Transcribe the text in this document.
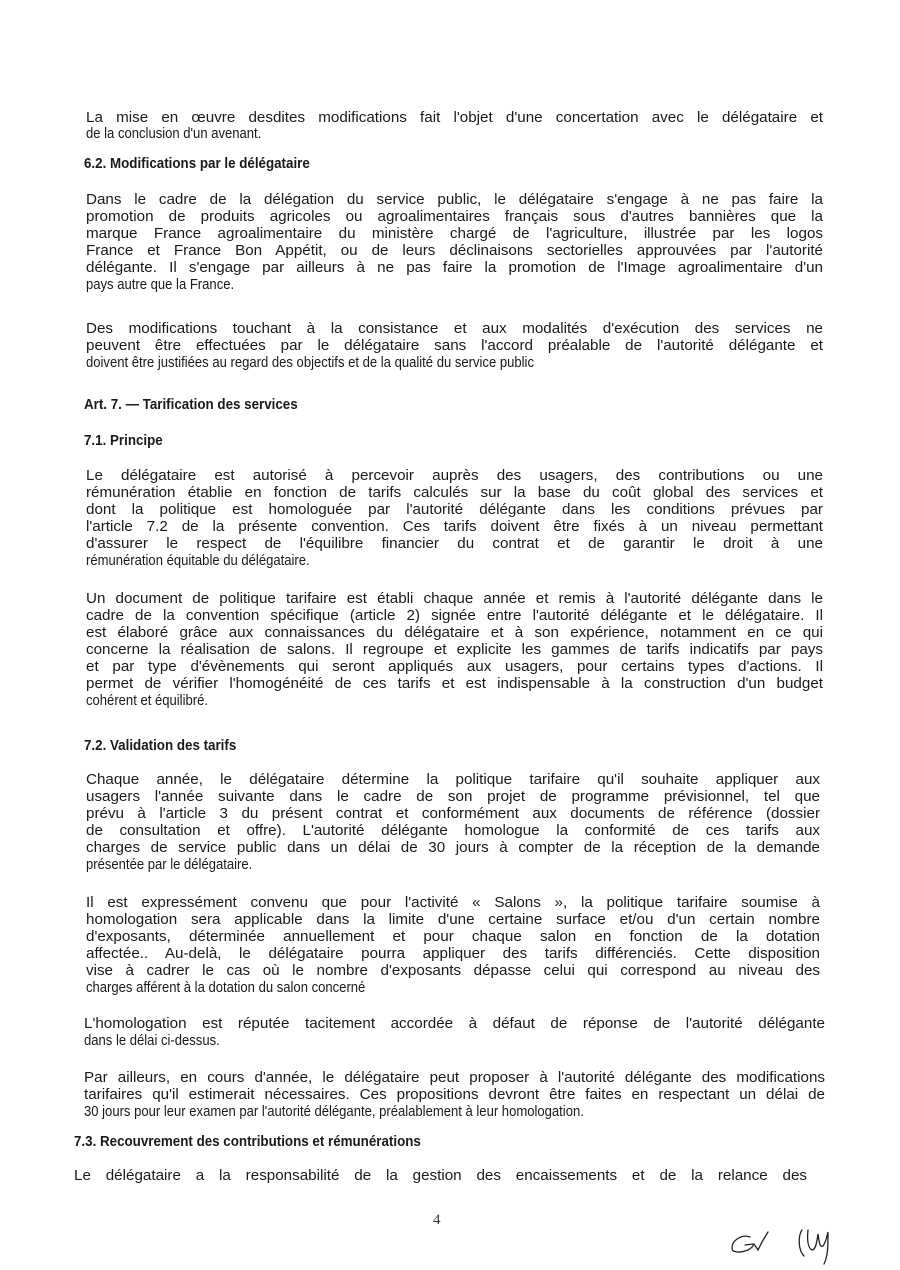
La mise en œuvre desdites modifications fait l'objet d'une concertation avec le délégataire et
de la conclusion d'un avenant.
6.2. Modifications par le délégataire
Dans le cadre de la délégation du service public, le délégataire s'engage à ne pas faire la
promotion de produits agricoles ou agroalimentaires français sous d'autres bannières que la
marque France agroalimentaire du ministère chargé de l'agriculture, illustrée par les logos
France et France Bon Appétit, ou de leurs déclinaisons sectorielles approuvées par l'autorité
délégante. Il s'engage par ailleurs à ne pas faire la promotion de l'Image agroalimentaire d'un
pays autre que la France.
Des modifications touchant à la consistance et aux modalités d'exécution des services ne
peuvent être effectuées par le délégataire sans l'accord préalable de l'autorité délégante et
doivent être justifiées au regard des objectifs et de la qualité du service public
Art. 7. — Tarification des services
7.1. Principe
Le délégataire est autorisé à percevoir auprès des usagers, des contributions ou une
rémunération établie en fonction de tarifs calculés sur la base du coût global des services et
dont la politique est homologuée par l'autorité délégante dans les conditions prévues par
l'article 7.2 de la présente convention. Ces tarifs doivent être fixés à un niveau permettant
d'assurer le respect de l'équilibre financier du contrat et de garantir le droit à une
rémunération équitable du délégataire.
Un document de politique tarifaire est établi chaque année et remis à l'autorité délégante dans le
cadre de la convention spécifique (article 2) signée entre l'autorité délégante et le délégataire. Il
est élaboré grâce aux connaissances du délégataire et à son expérience, notamment en ce qui
concerne la réalisation de salons. Il regroupe et explicite les gammes de tarifs indicatifs par pays
et par type d'évènements qui seront appliqués aux usagers, pour certains types d'actions. Il
permet de vérifier l'homogénéité de ces tarifs et est indispensable à la construction d'un budget
cohérent et équilibré.
7.2. Validation des tarifs
Chaque année, le délégataire détermine la politique tarifaire qu'il souhaite appliquer aux
usagers l'année suivante dans le cadre de son projet de programme prévisionnel, tel que
prévu à l'article 3 du présent contrat et conformément aux documents de référence (dossier
de consultation et offre). L'autorité délégante homologue la conformité de ces tarifs aux
charges de service public dans un délai de 30 jours à compter de la réception de la demande
présentée par le délégataire.
Il est expressément convenu que pour l'activité « Salons », la politique tarifaire soumise à
homologation sera applicable dans la limite d'une certaine surface et/ou d'un certain nombre
d'exposants, déterminée annuellement et pour chaque salon en fonction de la dotation
affectée.. Au-delà, le délégataire pourra appliquer des tarifs différenciés. Cette disposition
vise à cadrer le cas où le nombre d'exposants dépasse celui qui correspond au niveau des
charges afférent à la dotation du salon concerné
L'homologation est réputée tacitement accordée à défaut de réponse de l'autorité délégante
dans le délai ci-dessus.
Par ailleurs, en cours d'année, le délégataire peut proposer à l'autorité délégante des modifications
tarifaires qu'il estimerait nécessaires. Ces propositions devront être faites en respectant un délai de
30 jours pour leur examen par l'autorité délégante, préalablement à leur homologation.
7.3. Recouvrement des contributions et rémunérations
Le délégataire a la responsabilité de la gestion des encaissements et de la relance des
4
